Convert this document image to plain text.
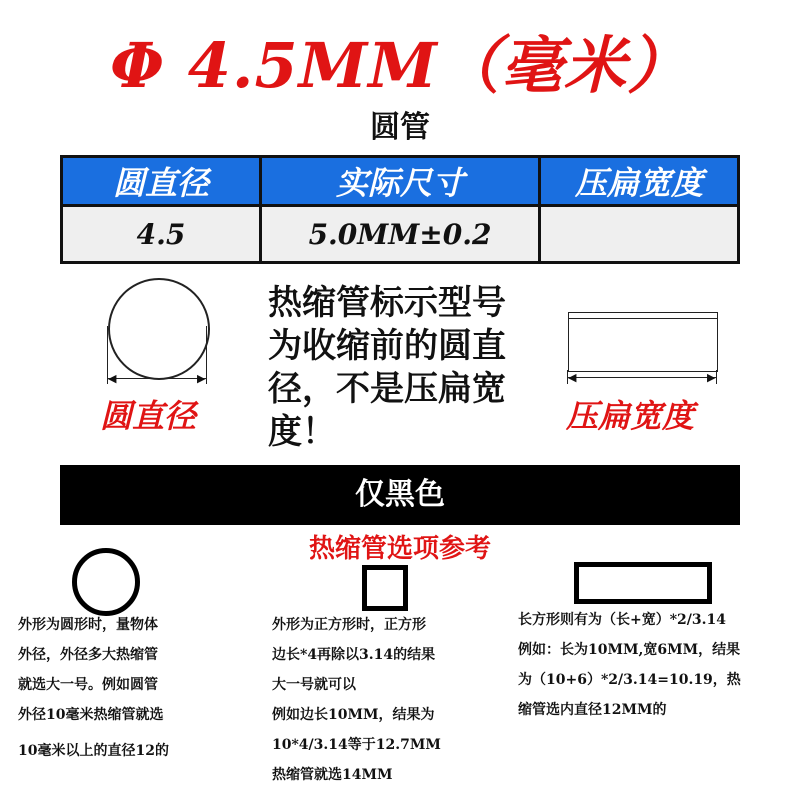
Φ 4.5MM（毫米）
圆管
圆直径	实际尺寸	压扁宽度
4.5	5.0MM±0.2	
◀	▶
圆直径
热缩管标示型号
为收缩前的圆直
径，不是压扁宽
度！
◀	▶
压扁宽度
仅黑色
热缩管选项参考
外形为圆形时，量物体
外径，外径多大热缩管
就选大一号。例如圆管
外径10毫米热缩管就选
10毫米以上的直径12的
外形为正方形时，正方形
边长*4再除以3.14的结果
大一号就可以
例如边长10MM，结果为
10*4/3.14等于12.7MM
热缩管就选14MM
长方形则有为（长+宽）*2/3.14
例如：长为10MM,宽6MM，结果
为（10+6）*2/3.14=10.19，热
缩管选内直径12MM的
